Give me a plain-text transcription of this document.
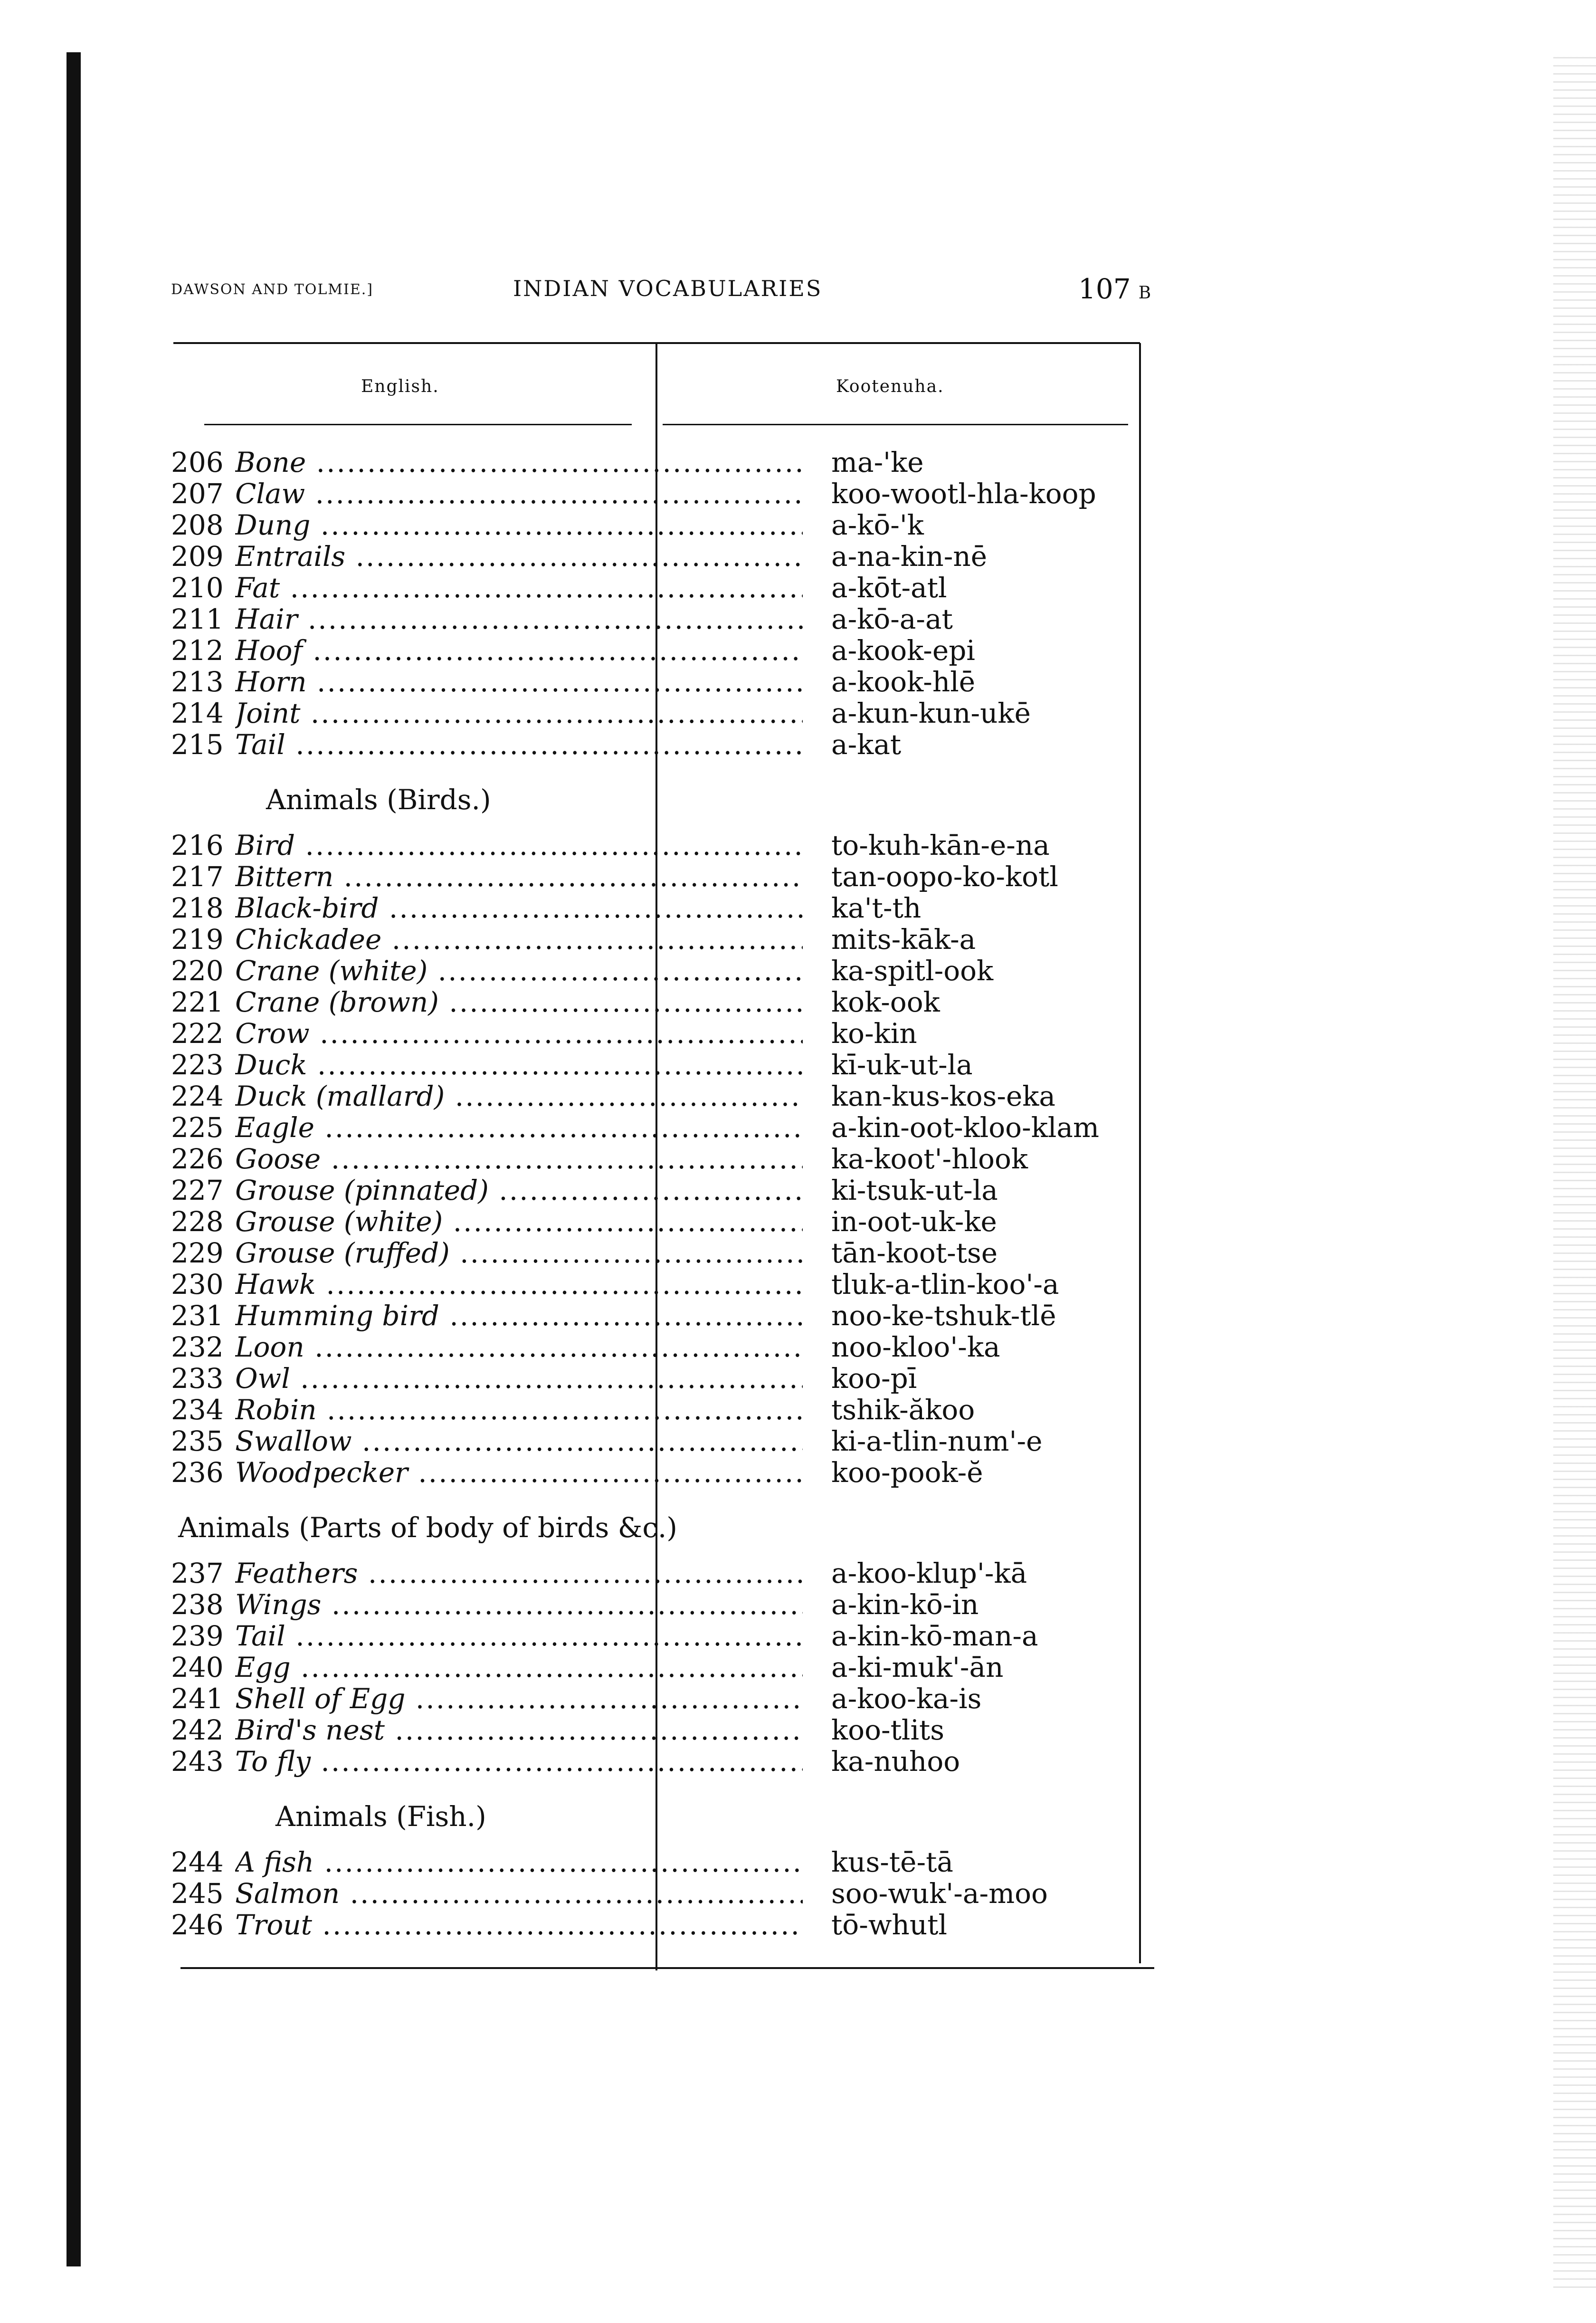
DAWSON AND TOLMIE.]	INDIAN VOCABULARIES	107 B
English.	Kootenuha.
206 Bone .....	ma-'ke
207 Claw .....	koo-wootl-hla-koop
208 Dung .....	a-kō-'k
209 Entrails .....	a-na-kin-nē
210 Fat .....	a-kōt-atl
211 Hair .....	a-kō-a-at
212 Hoof .....	a-kook-epi
213 Horn .....	a-kook-hlē
214 Joint .....	a-kun-kun-ukē
215 Tail .....	a-kat
Animals (Birds.)
216 Bird .....	to-kuh-kān-e-na
217 Bittern .....	tan-oopo-ko-kotl
218 Black-bird .....	ka't-th
219 Chickadee .....	mits-kāk-a
220 Crane (white) .....	ka-spitl-ook
221 Crane (brown) .....	kok-ook
222 Crow .....	ko-kin
223 Duck .....	kī-uk-ut-la
224 Duck (mallard) .....	kan-kus-kos-eka
225 Eagle .....	a-kin-oot-kloo-klam
226 Goose .....	ka-koot'-hlook
227 Grouse (pinnated) .....	ki-tsuk-ut-la
228 Grouse (white) .....	in-oot-uk-ke
229 Grouse (ruffed) .....	tān-koot-tse
230 Hawk .....	tluk-a-tlin-koo'-a
231 Humming bird .....	noo-ke-tshuk-tlē
232 Loon .....	noo-kloo'-ka
233 Owl .....	koo-pī
234 Robin .....	tshik-ăkoo
235 Swallow .....	ki-a-tlin-num'-e
236 Woodpecker .....	koo-pook-ĕ
Animals (Parts of body of birds &c.)
237 Feathers .....	a-koo-klup'-kā
238 Wings .....	a-kin-kō-in
239 Tail .....	a-kin-kō-man-a
240 Egg .....	a-ki-muk'-ān
241 Shell of Egg .....	a-koo-ka-is
242 Bird's nest .....	koo-tlits
243 To fly .....	ka-nuhoo
Animals (Fish.)
244 A fish .....	kus-tē-tā
245 Salmon .....	soo-wuk'-a-moo
246 Trout .....	tō-whutl
